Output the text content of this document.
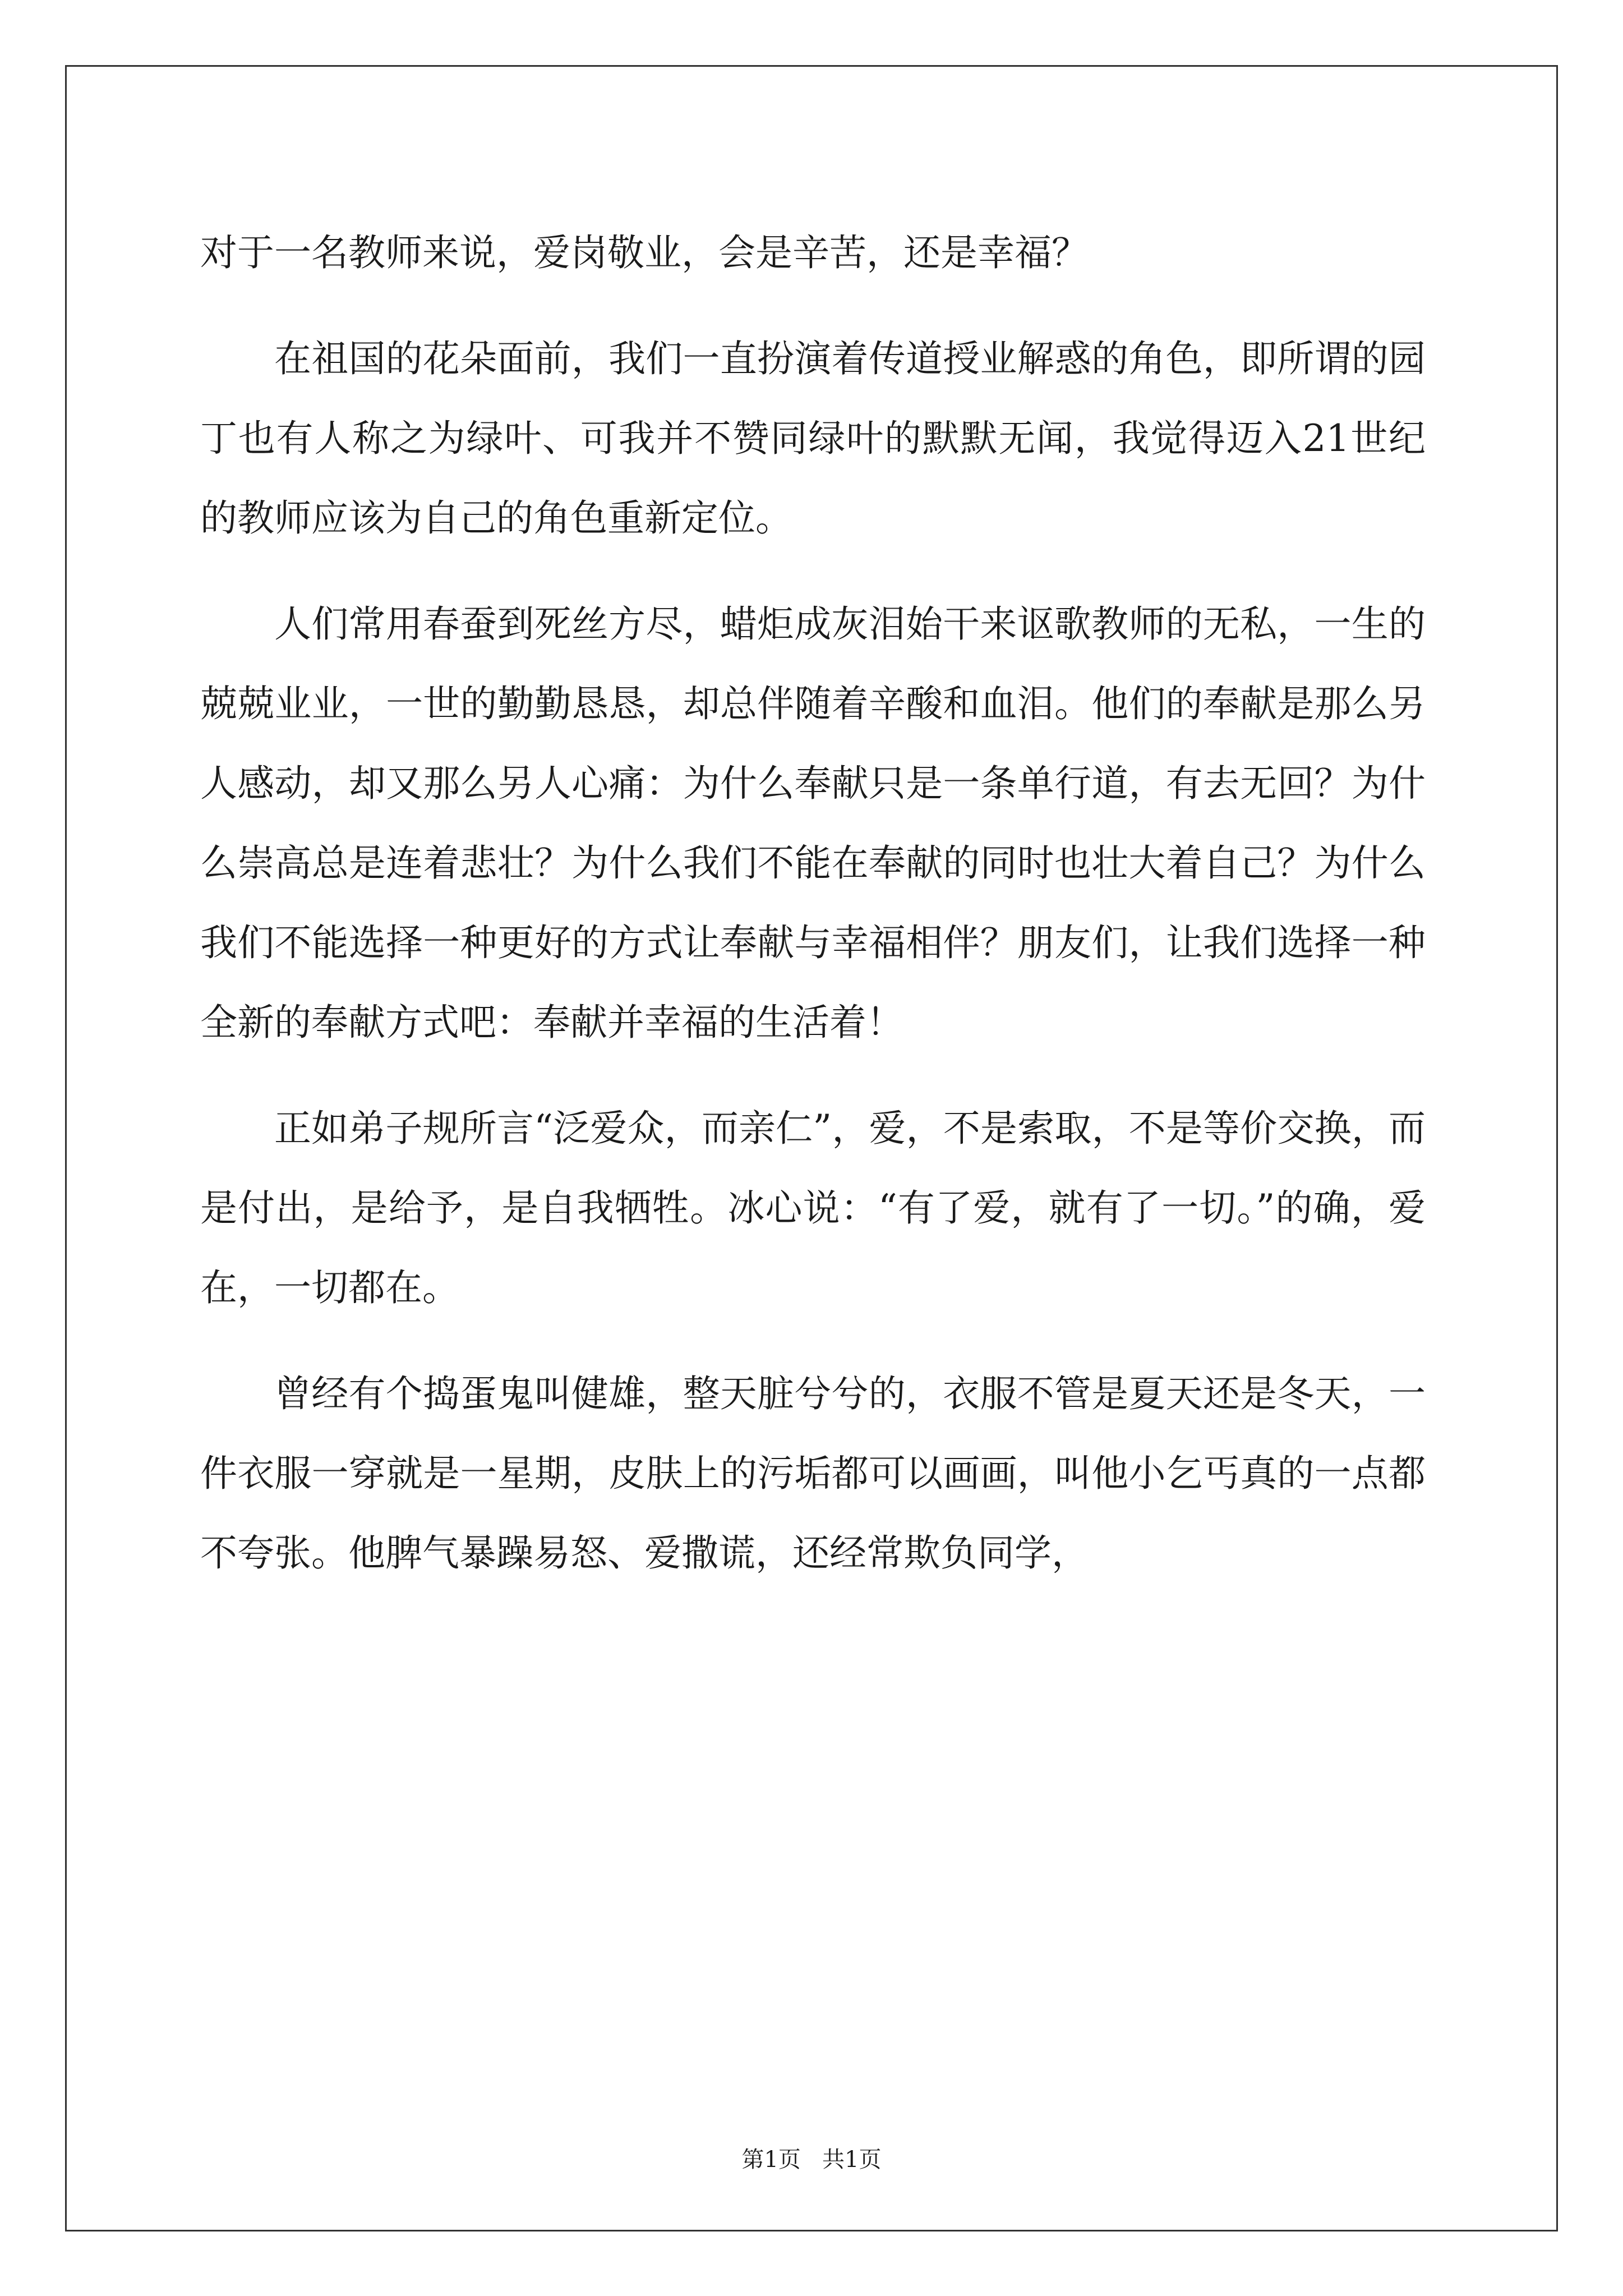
对于一名教师来说，爱岗敬业，会是辛苦，还是幸福？

在祖国的花朵面前，我们一直扮演着传道授业解惑的角色，即所谓的园丁也有人称之为绿叶、可我并不赞同绿叶的默默无闻，我觉得迈入21世纪的教师应该为自己的角色重新定位。

人们常用春蚕到死丝方尽，蜡炬成灰泪始干来讴歌教师的无私，一生的兢兢业业，一世的勤勤恳恳，却总伴随着辛酸和血泪。他们的奉献是那么另人感动，却又那么另人心痛：为什么奉献只是一条单行道，有去无回？为什么崇高总是连着悲壮？为什么我们不能在奉献的同时也壮大着自己？为什么我们不能选择一种更好的方式让奉献与幸福相伴？朋友们，让我们选择一种全新的奉献方式吧：奉献并幸福的生活着！

正如弟子规所言“泛爱众，而亲仁”，爱，不是索取，不是等价交换，而是付出，是给予，是自我牺牲。冰心说：“有了爱，就有了一切。”的确，爱在，一切都在。

曾经有个捣蛋鬼叫健雄，整天脏兮兮的，衣服不管是夏天还是冬天，一件衣服一穿就是一星期，皮肤上的污垢都可以画画，叫他小乞丐真的一点都不夸张。他脾气暴躁易怒、爱撒谎，还经常欺负同学，

第1页   共1页
